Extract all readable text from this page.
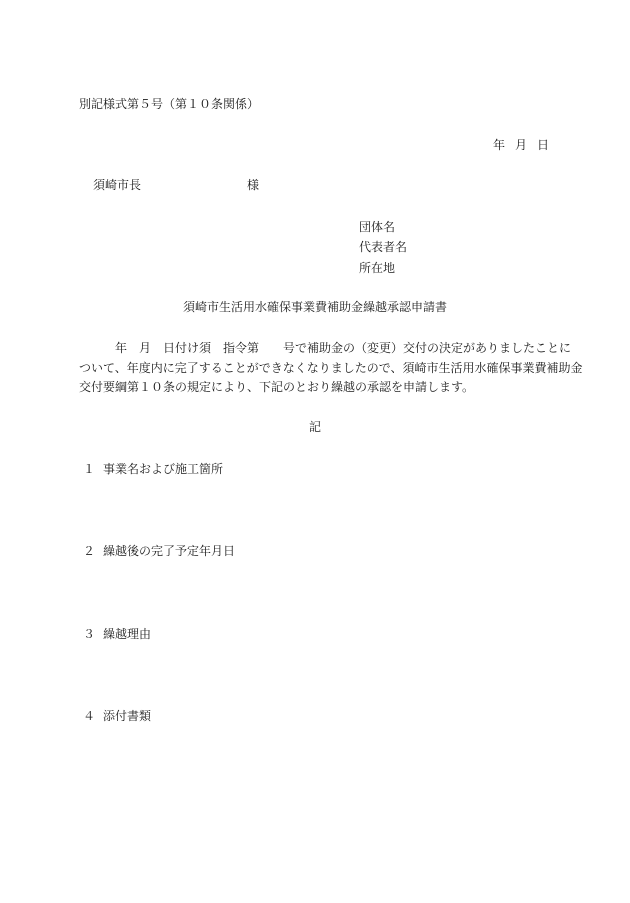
別記様式第５号（第１０条関係）
年 月 日
須崎市長	様
団体名
代表者名
所在地
須崎市生活用水確保事業費補助金繰越承認申請書

　　　年　月　日付け須　指令第　　号で補助金の（変更）交付の決定がありましたことに

ついて、年度内に完了することができなくなりましたので、須崎市生活用水確保事業費補助金

交付要綱第１０条の規定により、下記のとおり繰越の承認を申請します。

記
１ 事業名および施工箇所
２ 繰越後の完了予定年月日
３ 繰越理由
４ 添付書類
